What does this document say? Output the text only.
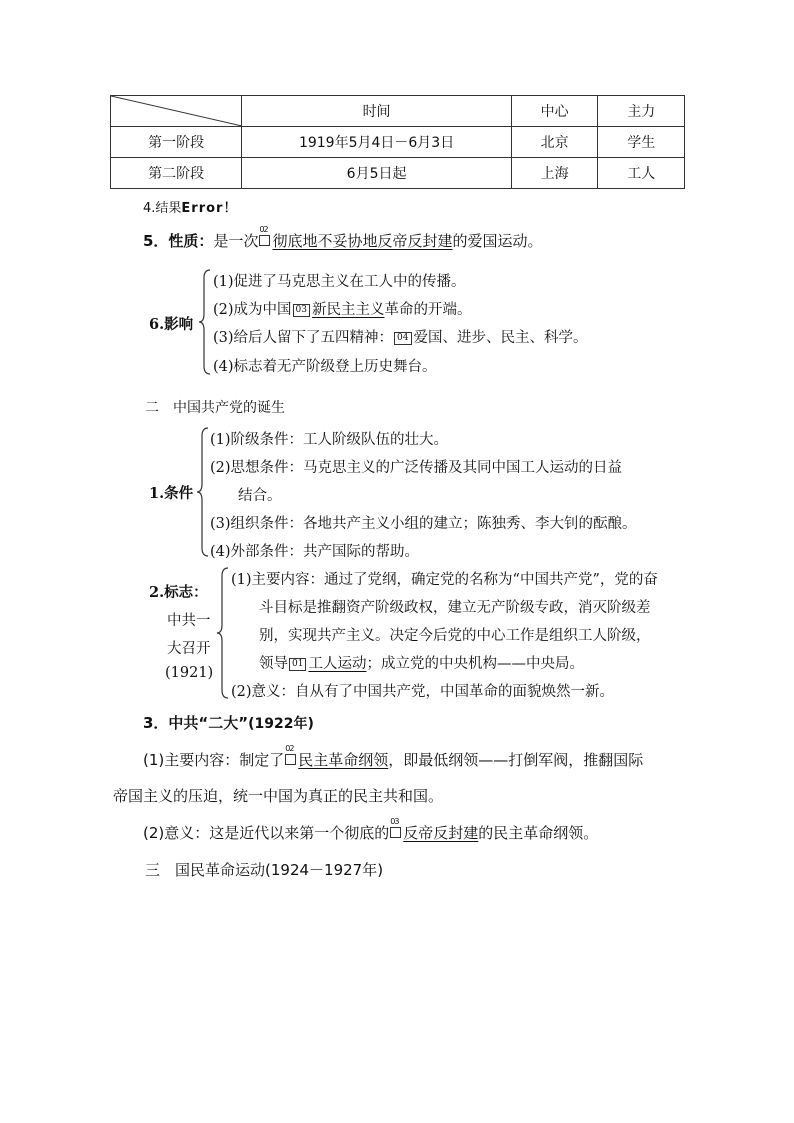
	时间	中心	主力
第一阶段	1919年5月4日－6月3日	北京	学生
第二阶段	6月5日起	上海	工人
4.结果Error！
5．性质：是一次
02
彻底地不妥协地反帝反封建的爱国运动。
6.影响
(1)促进了马克思主义在工人中的传播。
(2)成为中国 03 新民主主义革命的开端。
(3)给后人留下了五四精神： 04 爱国、进步、民主、科学。
(4)标志着无产阶级登上历史舞台。
二　中国共产党的诞生
1.条件
(1)阶级条件：工人阶级队伍的壮大。
(2)思想条件：马克思主义的广泛传播及其同中国工人运动的日益
结合。
(3)组织条件：各地共产主义小组的建立；陈独秀、李大钊的酝酿。
(4)外部条件：共产国际的帮助。
2.标志：
中共一
大召开
(1921)
(1)主要内容：通过了党纲，确定党的名称为“中国共产党”，党的奋
斗目标是推翻资产阶级政权，建立无产阶级专政，消灭阶级差
别，实现共产主义。决定今后党的中心工作是组织工人阶级，
领导 01 工人运动；成立党的中央机构——中央局。
(2)意义：自从有了中国共产党，中国革命的面貌焕然一新。
3．中共“二大”(1922年)
(1)主要内容：制定了
02
民主革命纲领，即最低纲领——打倒军阀，推翻国际
帝国主义的压迫，统一中国为真正的民主共和国。
(2)意义：这是近代以来第一个彻底的
03
反帝反封建的民主革命纲领。
三　国民革命运动(1924－1927年)
